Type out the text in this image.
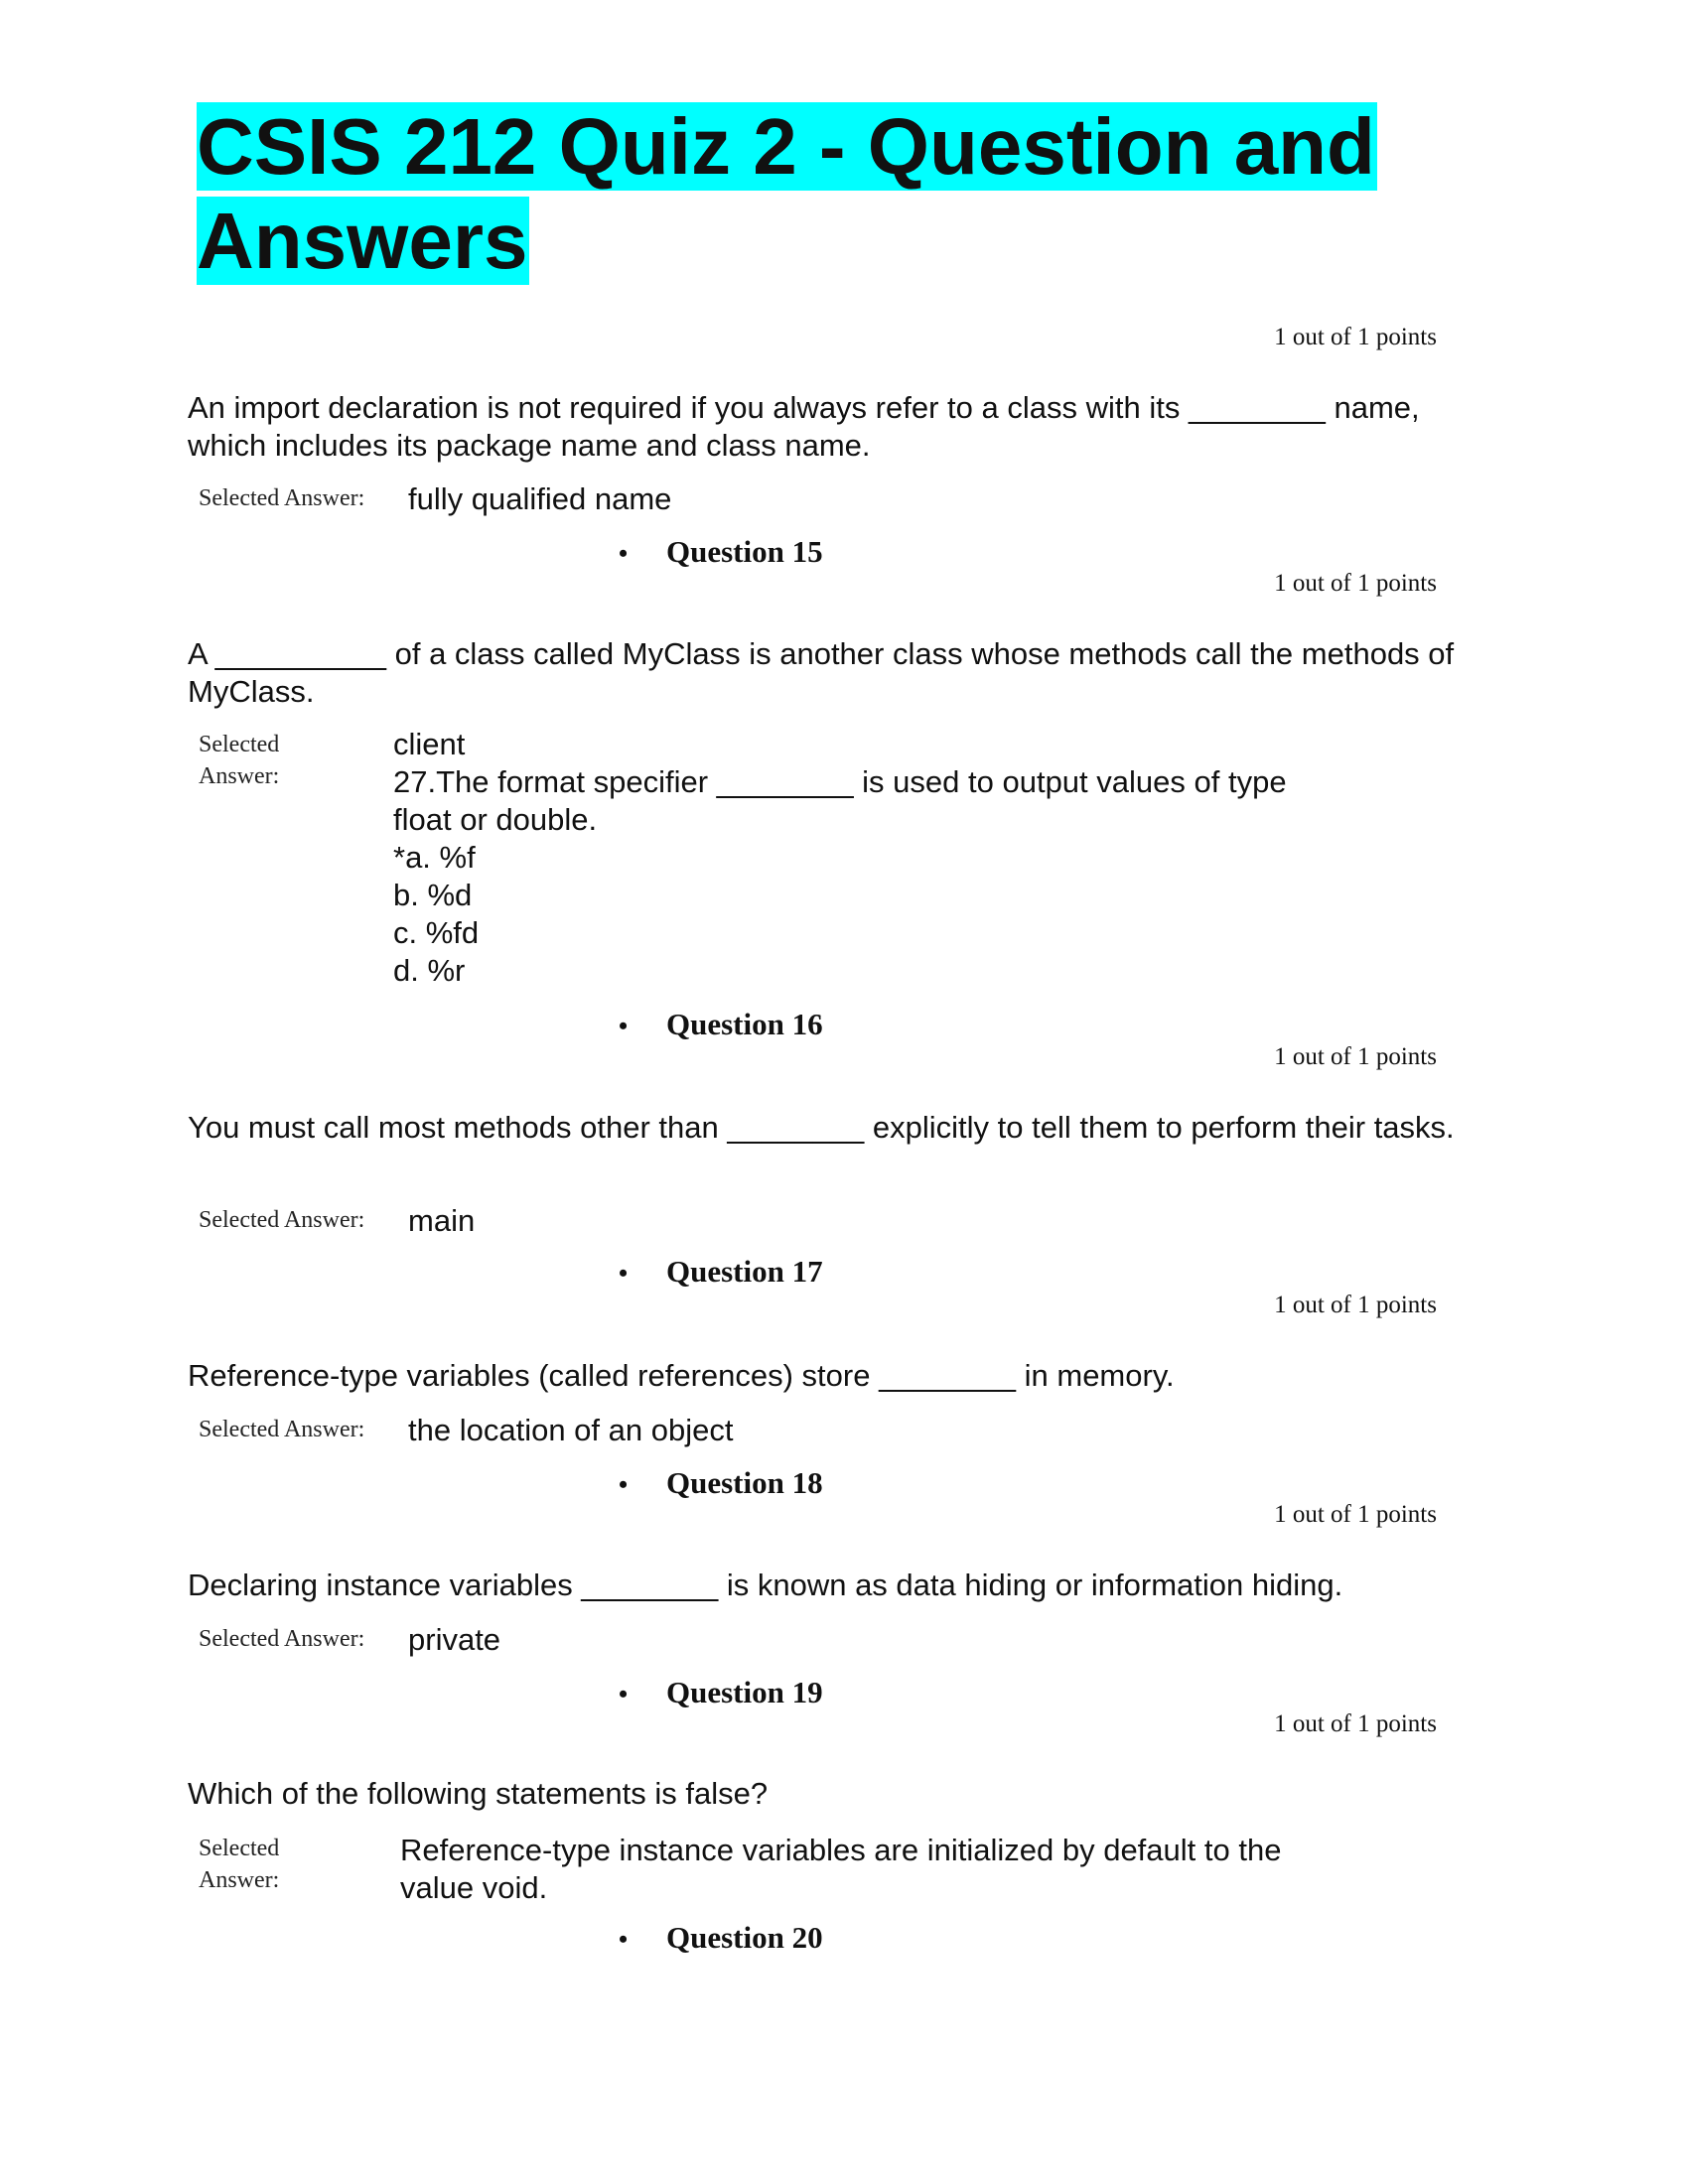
CSIS 212 Quiz 2 - Question and
Answers
1 out of 1 points
An import declaration is not required if you always refer to a class with its ________ name, which includes its package name and class name.
Selected Answer: fully qualified name
• Question 15
1 out of 1 points
A __________ of a class called MyClass is another class whose methods call the methods of MyClass.
Selected
Answer:
client
27.The format specifier ________ is used to output values of type
float or double.
*a. %f
b. %d
c. %fd
d. %r
• Question 16
1 out of 1 points
You must call most methods other than ________ explicitly to tell them to perform their tasks.
Selected Answer: main
• Question 17
1 out of 1 points
Reference-type variables (called references) store ________ in memory.
Selected Answer: the location of an object
• Question 18
1 out of 1 points
Declaring instance variables ________ is known as data hiding or information hiding.
Selected Answer: private
• Question 19
1 out of 1 points
Which of the following statements is false?
Selected
Answer:
Reference-type instance variables are initialized by default to the
value void.
• Question 20
